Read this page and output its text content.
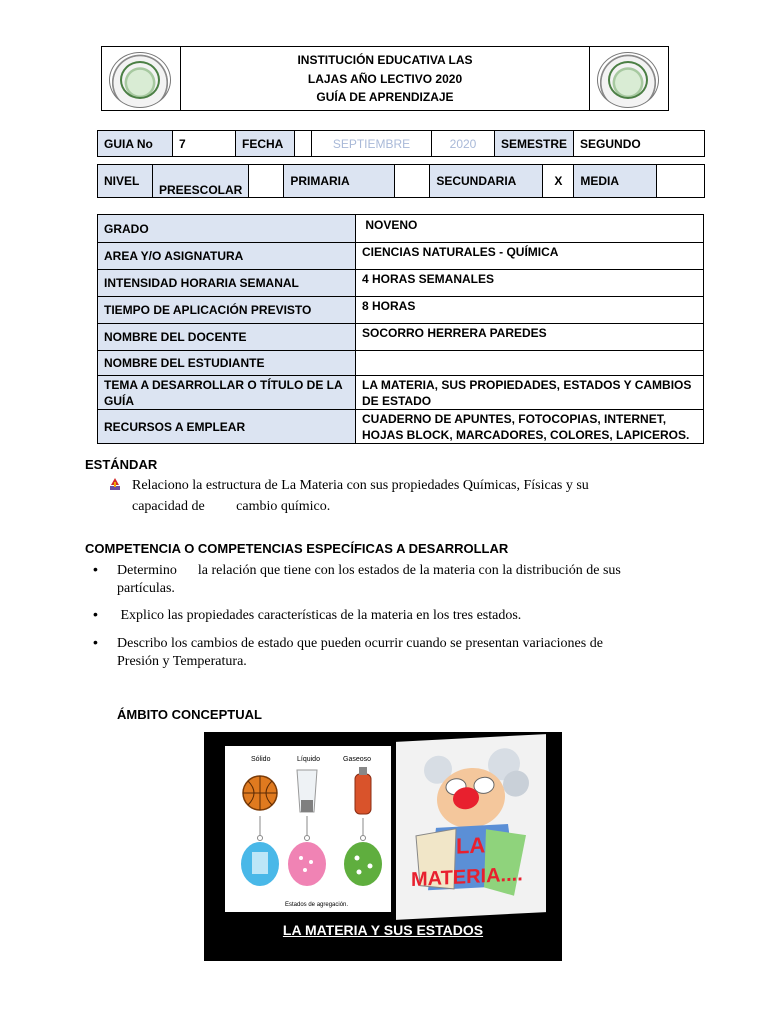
INSTITUCIÓN EDUCATIVA LAS
LAJAS AÑO LECTIVO 2020
GUÍA DE APRENDIZAJE
GUIA No	7	FECHA		SEPTIEMBRE	2020	SEMESTRE	SEGUNDO
NIVEL	PREESCOLAR		PRIMARIA		SECUNDARIA	X	MEDIA	
GRADO	NOVENO
AREA Y/O ASIGNATURA	CIENCIAS NATURALES - QUÍMICA
INTENSIDAD HORARIA SEMANAL	4 HORAS SEMANALES
TIEMPO DE APLICACIÓN PREVISTO	8 HORAS
NOMBRE DEL DOCENTE	SOCORRO HERRERA PAREDES
NOMBRE DEL ESTUDIANTE	
TEMA A DESARROLLAR O TÍTULO DE LA GUÍA	LA MATERIA, SUS PROPIEDADES, ESTADOS Y CAMBIOS DE ESTADO
RECURSOS A EMPLEAR	CUADERNO DE APUNTES, FOTOCOPIAS, INTERNET, HOJAS BLOCK, MARCADORES, COLORES, LAPICEROS.
ESTÁNDAR
Relaciono la estructura de La Materia con sus propiedades Químicas, Físicas y su
capacidad de         cambio químico.
COMPETENCIA O COMPETENCIAS ESPECÍFICAS A DESARROLLAR
• Determino      la relación que tiene con los estados de la materia con la distribución de sus
partículas.
• Explico las propiedades características de la materia en los tres estados.
• Describo los cambios de estado que pueden ocurrir cuando se presentan variaciones de
Presión y Temperatura.
ÁMBITO CONCEPTUAL
Sólido	Líquido	Gaseoso
Estados de agregación.
LA
MATERIA....
LA MATERIA Y SUS ESTADOS
